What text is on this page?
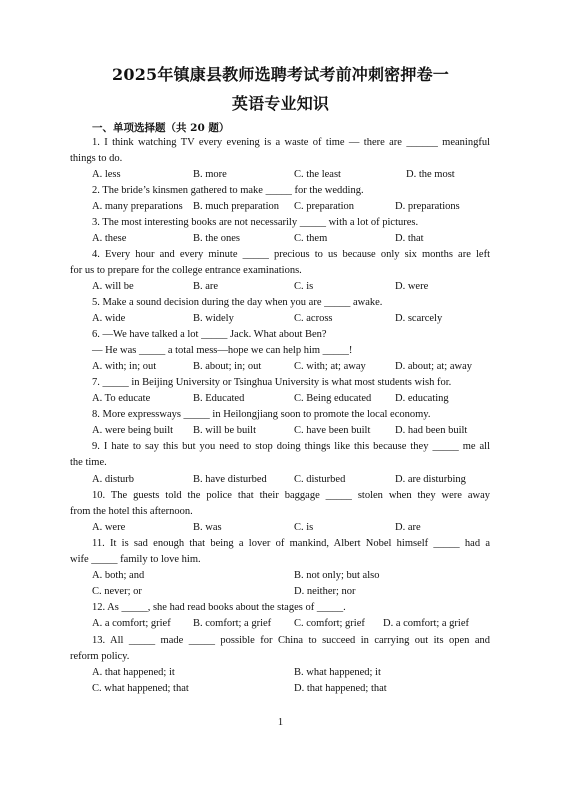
2025年镇康县教师选聘考试考前冲刺密押卷一
英语专业知识
一、单项选择题（共 20 题）
1. I think watching TV every evening is a waste of time — there are ______ meaningful
things to do.
A. less	B. more	C. the least	D. the most
2. The bride’s kinsmen gathered to make _____ for the wedding.
A. many preparations B. much preparation C. preparation	D. preparations
3. The most interesting books are not necessarily _____ with a lot of pictures.
A. these	B. the ones	C. them	D. that
4. Every hour and every minute _____ precious to us because only six months are left
for us to prepare for the college entrance examinations.
A. will be	B. are	C. is	D. were
5. Make a sound decision during the day when you are _____ awake.
A. wide	B. widely	C. across	D. scarcely
6. —We have talked a lot _____ Jack. What about Ben?
— He was _____ a total mess—hope we can help him _____!
A. with; in; out	B. about; in; out	C. with; at; away	D. about; at; away
7. _____ in Beijing University or Tsinghua University is what most students wish for.
A. To educate	B. Educated	C. Being educated D. educating
8. More expressways _____ in Heilongjiang soon to promote the local economy.
A. were being built B. will be built	C. have been built D. had been built
9. I hate to say this but you need to stop doing things like this because they _____ me all
the time.
A. disturb	B. have disturbed	C. disturbed	D. are disturbing
10. The guests told the police that their baggage _____ stolen when they were away
from the hotel this afternoon.
A. were	B. was	C. is	D. are
11. It is sad enough that being a lover of mankind, Albert Nobel himself _____ had a
wife _____ family to love him.
A. both; and	B. not only; but also
C. never; or	D. neither; nor
12. As _____, she had read books about the stages of _____.
A. a comfort; grief B. comfort; a grief C. comfort; grief D. a comfort; a grief
13. All _____ made _____ possible for China to succeed in carrying out its open and
reform policy.
A. that happened; it	B. what happened; it
C. what happened; that	D. that happened; that
1
